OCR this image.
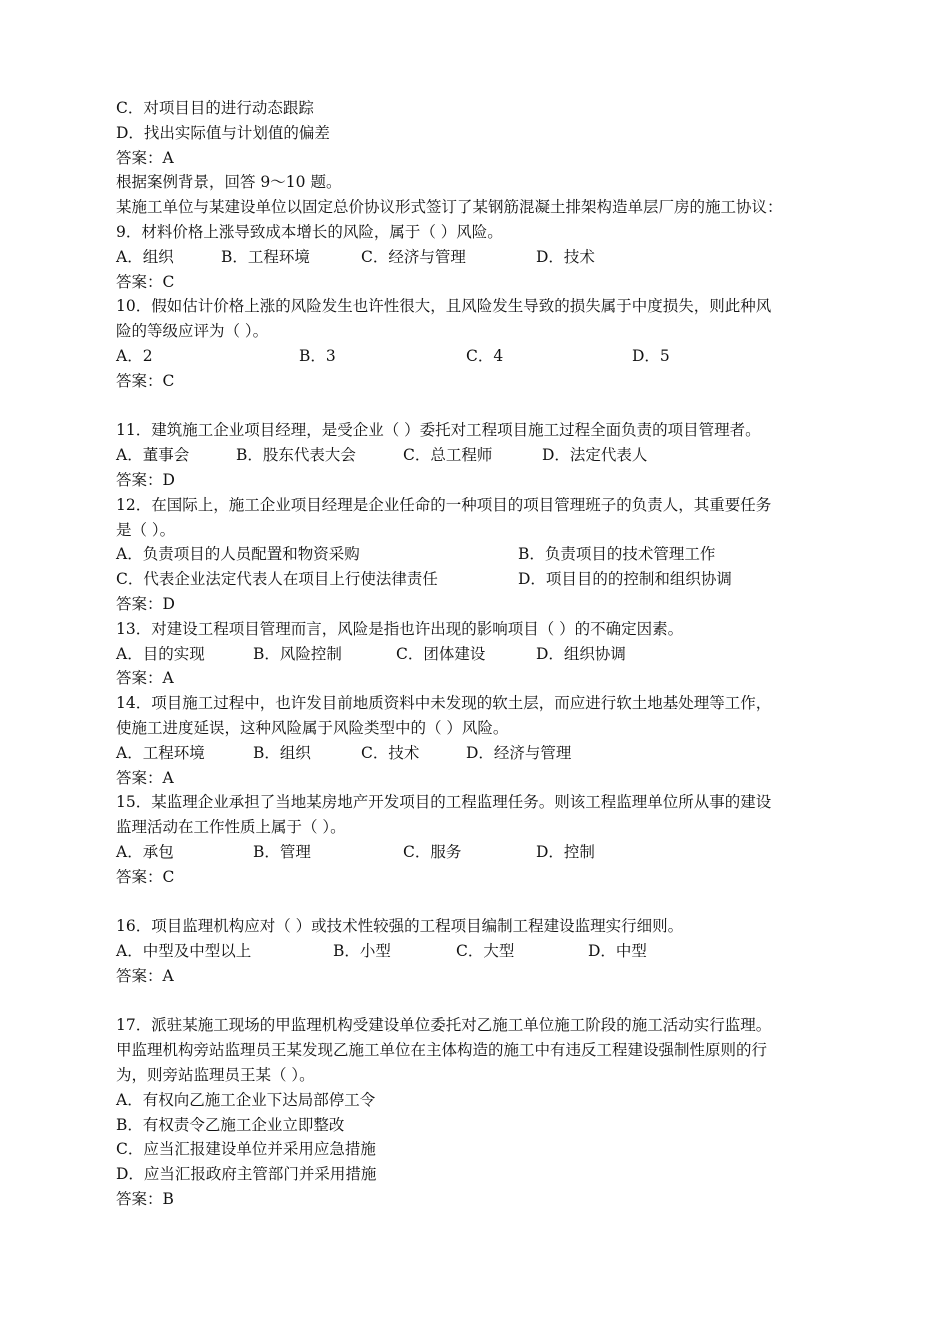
C．对项目目的进行动态跟踪
D．找出实际值与计划值的偏差
答案：A
根据案例背景，回答 9～10 题。
某施工单位与某建设单位以固定总价协议形式签订了某钢筋混凝土排架构造单层厂房的施工协议：
9．材料价格上涨导致成本增长的风险，属于（ ）风险。
A．组织	B．工程环境	C．经济与管理	D．技术
答案：C
10．假如估计价格上涨的风险发生也许性很大，且风险发生导致的损失属于中度损失，则此种风
险的等级应评为（ ）。
A．2	B．3	C．4	D．5
答案：C
11．建筑施工企业项目经理，是受企业（ ）委托对工程项目施工过程全面负责的项目管理者。
A．董事会	B．股东代表大会	C．总工程师	D．法定代表人
答案：D
12．在国际上，施工企业项目经理是企业任命的一种项目的项目管理班子的负责人，其重要任务
是（ ）。
A．负责项目的人员配置和物资采购	B．负责项目的技术管理工作
C．代表企业法定代表人在项目上行使法律责任	D．项目目的的控制和组织协调
答案：D
13．对建设工程项目管理而言，风险是指也许出现的影响项目（ ）的不确定因素。
A．目的实现	B．风险控制	C．团体建设	D．组织协调
答案：A
14．项目施工过程中，也许发目前地质资料中未发现的软土层，而应进行软土地基处理等工作，
使施工进度延误，这种风险属于风险类型中的（ ）风险。
A．工程环境	B．组织	C．技术	D．经济与管理
答案：A
15．某监理企业承担了当地某房地产开发项目的工程监理任务。则该工程监理单位所从事的建设
监理活动在工作性质上属于（ ）。
A．承包	B．管理	C．服务	D．控制
答案：C
16．项目监理机构应对（ ）或技术性较强的工程项目编制工程建设监理实行细则。
A．中型及中型以上	B．小型	C．大型	D．中型
答案：A
17．派驻某施工现场的甲监理机构受建设单位委托对乙施工单位施工阶段的施工活动实行监理。
甲监理机构旁站监理员王某发现乙施工单位在主体构造的施工中有违反工程建设强制性原则的行
为，则旁站监理员王某（ ）。
A．有权向乙施工企业下达局部停工令
B．有权责令乙施工企业立即整改
C．应当汇报建设单位并采用应急措施
D．应当汇报政府主管部门并采用措施
答案：B
